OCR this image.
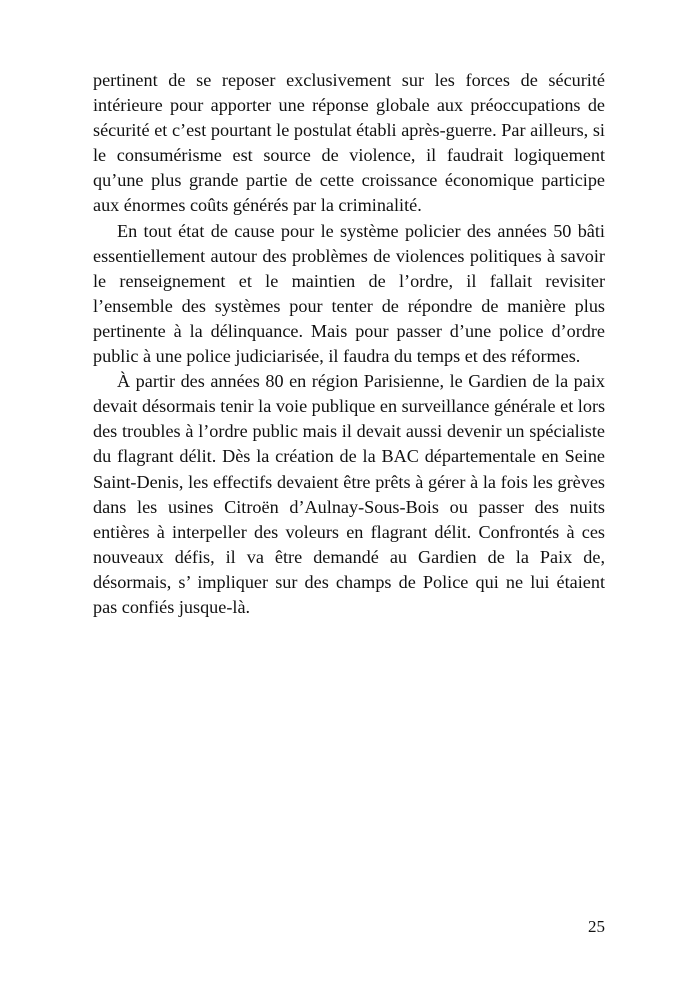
pertinent de se reposer exclusivement sur les forces de sécurité
intérieure pour apporter une réponse globale aux préoccupations de
sécurité et c’est pourtant le postulat établi après-guerre. Par ailleurs, si
le consumérisme est source de violence, il faudrait logiquement
qu’une plus grande partie de cette croissance économique participe
aux énormes coûts générés par la criminalité.
En tout état de cause pour le système policier des années 50 bâti
essentiellement autour des problèmes de violences politiques à savoir
le renseignement et le maintien de l’ordre, il fallait revisiter
l’ensemble des systèmes pour tenter de répondre de manière plus
pertinente à la délinquance. Mais pour passer d’une police d’ordre
public à une police judiciarisée, il faudra du temps et des réformes.
À partir des années 80 en région Parisienne, le Gardien de la paix
devait désormais tenir la voie publique en surveillance générale et lors
des troubles à l’ordre public mais il devait aussi devenir un spécialiste
du flagrant délit. Dès la création de la BAC départementale en Seine
Saint-Denis, les effectifs devaient être prêts à gérer à la fois les grèves
dans les usines Citroën d’Aulnay-Sous-Bois ou passer des nuits
entières à interpeller des voleurs en flagrant délit. Confrontés à ces
nouveaux défis, il va être demandé au Gardien de la Paix de,
désormais, s’ impliquer sur des champs de Police qui ne lui étaient
pas confiés jusque-là.
25
